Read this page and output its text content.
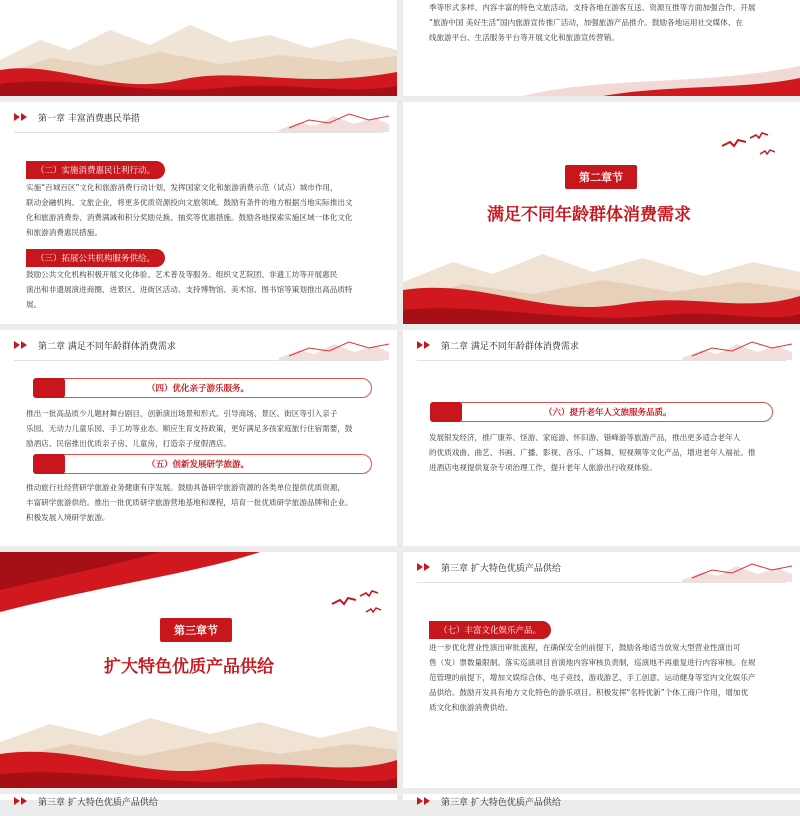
季等形式多样、内容丰富的特色文旅活动。支持各地在游客互送、资源互推等方面加强合作。开展
“旅游中国 美好生活”国内旅游宣传推广活动，加强旅游产品推介。鼓励各地运用社交媒体、在
线旅游平台、生活服务平台等开展文化和旅游宣传营销。
第一章 丰富消费惠民举措
（二）实施消费惠民让利行动。
实施“百城百区”文化和旅游消费行动计划，发挥国家文化和旅游消费示范（试点）城市作用，
联动金融机构、文旅企业，将更多优质资源投向文旅领域。鼓励有条件的地方根据当地实际推出文
化和旅游消费券、消费满减和积分奖励兑换、抽奖等优惠措施。鼓励各地探索实施区域一体化文化
和旅游消费惠民措施。
（三）拓展公共机构服务供给。
鼓励公共文化机构积极开展文化体验、艺术普及等服务。组织文艺院团、非遗工坊等开展惠民
演出和非遗展演进商圈、进景区、进街区活动。支持博物馆、美术馆、图书馆等策划推出高品质特
展。
第二章节
满足不同年龄群体消费需求
第二章 满足不同年龄群体消费需求
（四）优化亲子游乐服务。
推出一批高品质少儿题材舞台剧目，创新演出场景和形式。引导商场、景区、街区等引入亲子
乐园、无动力儿童乐园、手工坊等业态。顺应生育支持政策，更好满足多孩家庭旅行住宿需要，鼓
励酒店、民宿推出优质亲子房、儿童房，打造亲子度假酒店。
（五）创新发展研学旅游。
推动旅行社经营研学旅游业务健康有序发展。鼓励具备研学旅游资源的各类单位提供优质资源，
丰富研学旅游供给。推出一批优质研学旅游营地基地和课程，培育一批优质研学旅游品牌和企业。
积极发展入境研学旅游。
第二章 满足不同年龄群体消费需求
（六）提升老年人文旅服务品质。
发展银发经济，推广康养、怪游、家庭游、怀旧游、错峰游等旅游产品，推出更多适合老年人
的优质戏曲、曲艺、书画、广播、影视、音乐、广场舞、短视频等文化产品，增进老年人福祉。推
进酒店电视提供复杂专项治理工作，提升老年人旅游出行收视体验。
第三章节
扩大特色优质产品供给
第三章 扩大特色优质产品供给
（七）丰富文化娱乐产品。
进一步优化营业性演出审批流程，在确保安全的前提下，鼓励各地适当放宽大型营业性演出可
售（发）票数量限制。落实巡演项目首演地内容审核负责制，巡演地不再重复进行内容审核。在规
范管理的前提下，增加文娱综合体、电子竞技、游戏游艺、手工创意、运动健身等室内文化娱乐产
品供给。鼓励开发具有地方文化特色的游乐项目。积极发挥“名特优新”个体工商户作用，增加优
质文化和旅游消费供给。
第三章 扩大特色优质产品供给	第三章 扩大特色优质产品供给
